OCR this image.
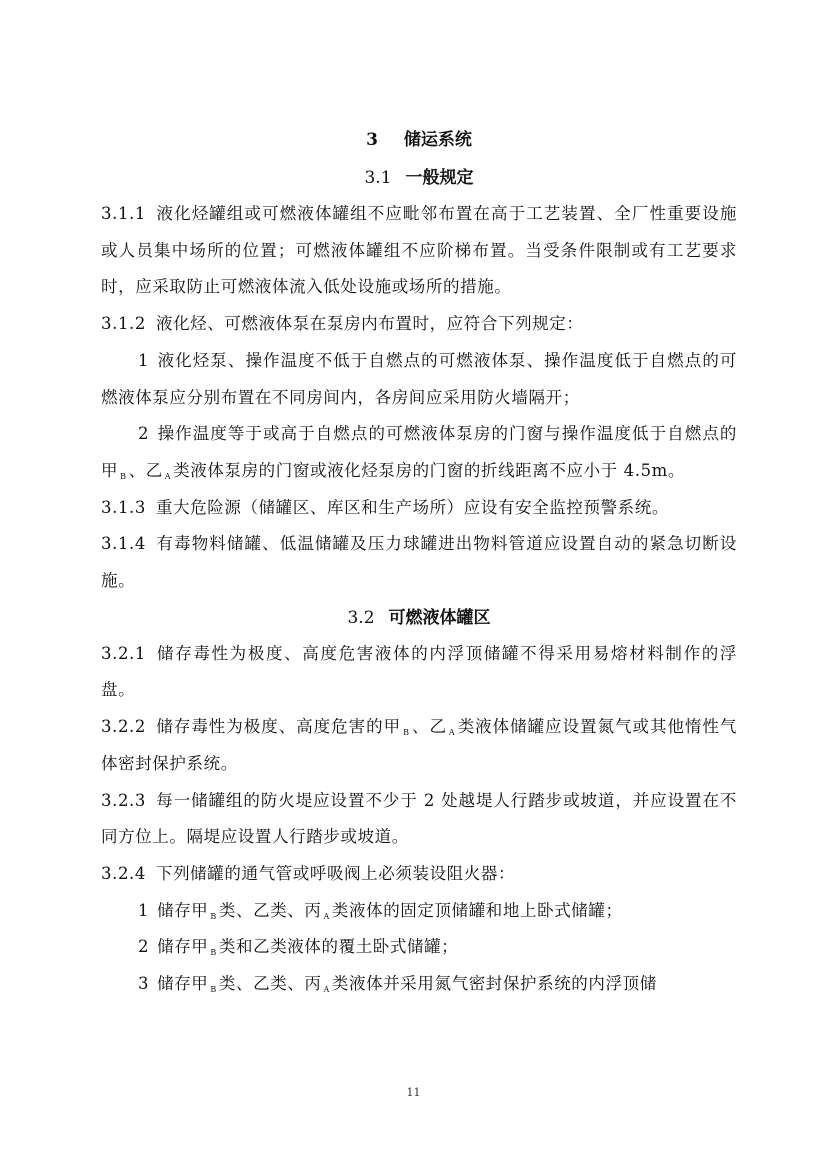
3 储运系统
3.1 一般规定

3.1.1 液化烃罐组或可燃液体罐组不应毗邻布置在高于工艺装置、全厂性重要设施或人员集中场所的位置；可燃液体罐组不应阶梯布置。当受条件限制或有工艺要求时，应采取防止可燃液体流入低处设施或场所的措施。

3.1.2 液化烃、可燃液体泵在泵房内布置时，应符合下列规定：

1 液化烃泵、操作温度不低于自燃点的可燃液体泵、操作温度低于自燃点的可燃液体泵应分别布置在不同房间内，各房间应采用防火墙隔开；

2 操作温度等于或高于自燃点的可燃液体泵房的门窗与操作温度低于自燃点的甲 $_B$ 、乙 $_A$ 类液体泵房的门窗或液化烃泵房的门窗的折线距离不应小于 4.5m。

3.1.3 重大危险源（储罐区、库区和生产场所）应设有安全监控预警系统。

3.1.4 有毒物料储罐、低温储罐及压力球罐进出物料管道应设置自动的紧急切断设施。

3.2 可燃液体罐区

3.2.1 储存毒性为极度、高度危害液体的内浮顶储罐不得采用易熔材料制作的浮盘。

3.2.2 储存毒性为极度、高度危害的甲 $_B$ 、乙 $_A$ 类液体储罐应设置氮气或其他惰性气体密封保护系统。

3.2.3 每一储罐组的防火堤应设置不少于 2 处越堤人行踏步或坡道，并应设置在不同方位上。隔堤应设置人行踏步或坡道。

3.2.4 下列储罐的通气管或呼吸阀上必须装设阻火器：

1 储存甲 $_B$ 类、乙类、丙 $_A$ 类液体的固定顶储罐和地上卧式储罐；

2 储存甲 $_B$ 类和乙类液体的覆土卧式储罐；

3 储存甲 $_B$ 类、乙类、丙 $_A$ 类液体并采用氮气密封保护系统的内浮顶储

11
